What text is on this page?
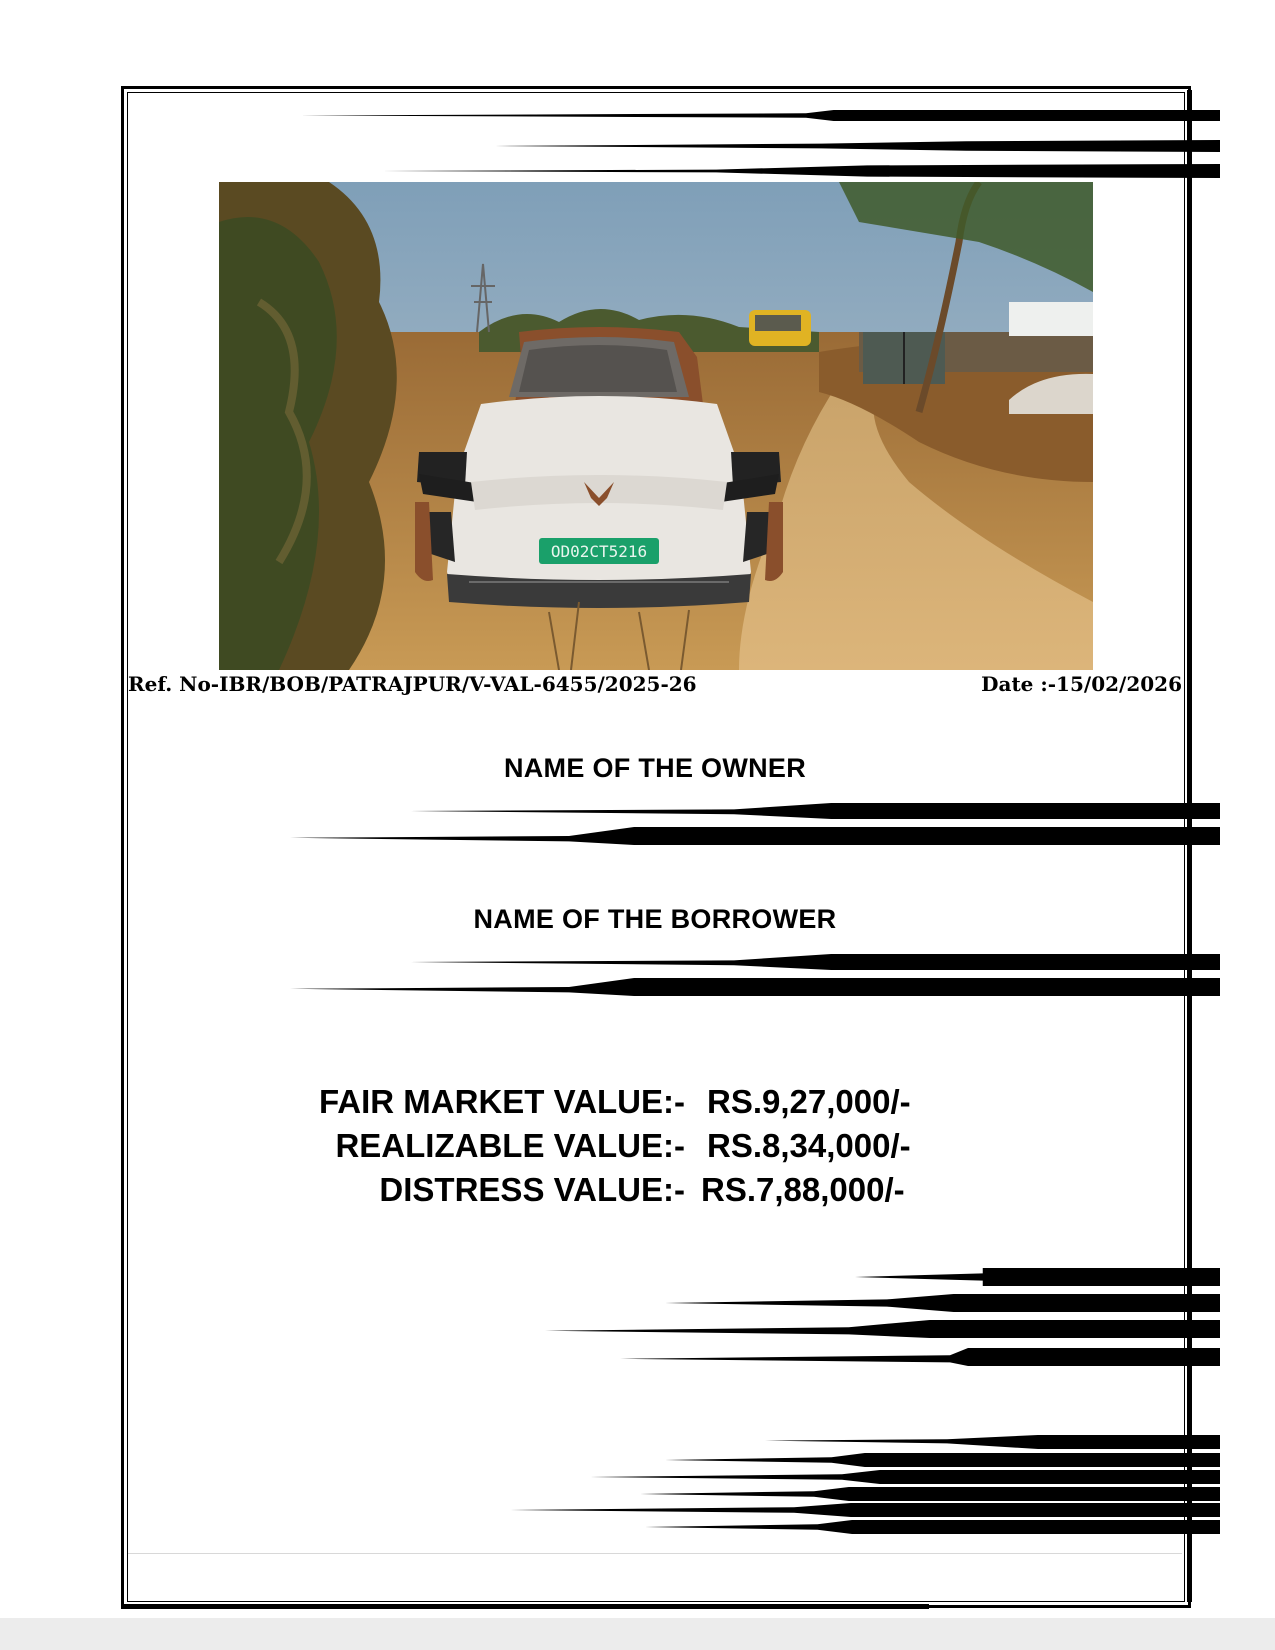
OD02CT5216
Ref. No-IBR/BOB/PATRAJPUR/V-VAL-6455/2025-26	Date :-15/02/2026
NAME OF THE OWNER
NAME OF THE BORROWER
FAIR MARKET VALUE:- RS.9,27,000/-
REALIZABLE VALUE:- RS.8,34,000/-
DISTRESS VALUE:- RS.7,88,000/-
